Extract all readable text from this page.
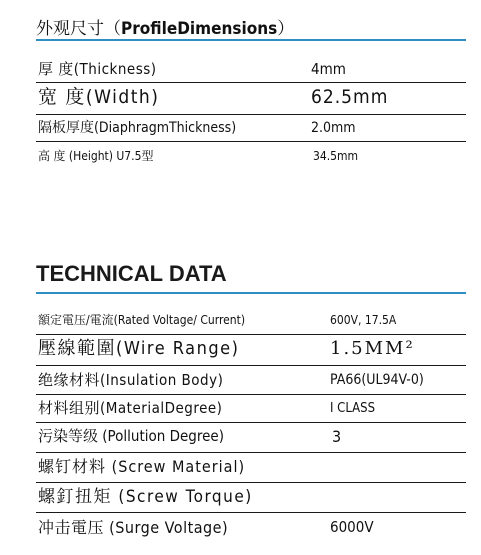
外观尺寸（ProfileDimensions）
厚 度(Thickness)	4mm
宽 度(Width)	62.5mm
隔板厚度(DiaphragmThickness)	2.0mm
高 度 (Height) U7.5型	34.5mm
TECHNICAL DATA
額定電压/電流(Rated Voltage/ Current)	600V, 17.5A
壓線範圍(Wire Range)	1.5MM²
绝缘材料(Insulation Body)	PA66(UL94V-0)
材料组别(MaterialDegree)	Ⅰ CLASS
污染等级 (Pollution Degree)	3
螺钉材料 (Screw Material)
螺釘扭矩 (Screw Torque)
冲击電压 (Surge Voltage)	6000V
